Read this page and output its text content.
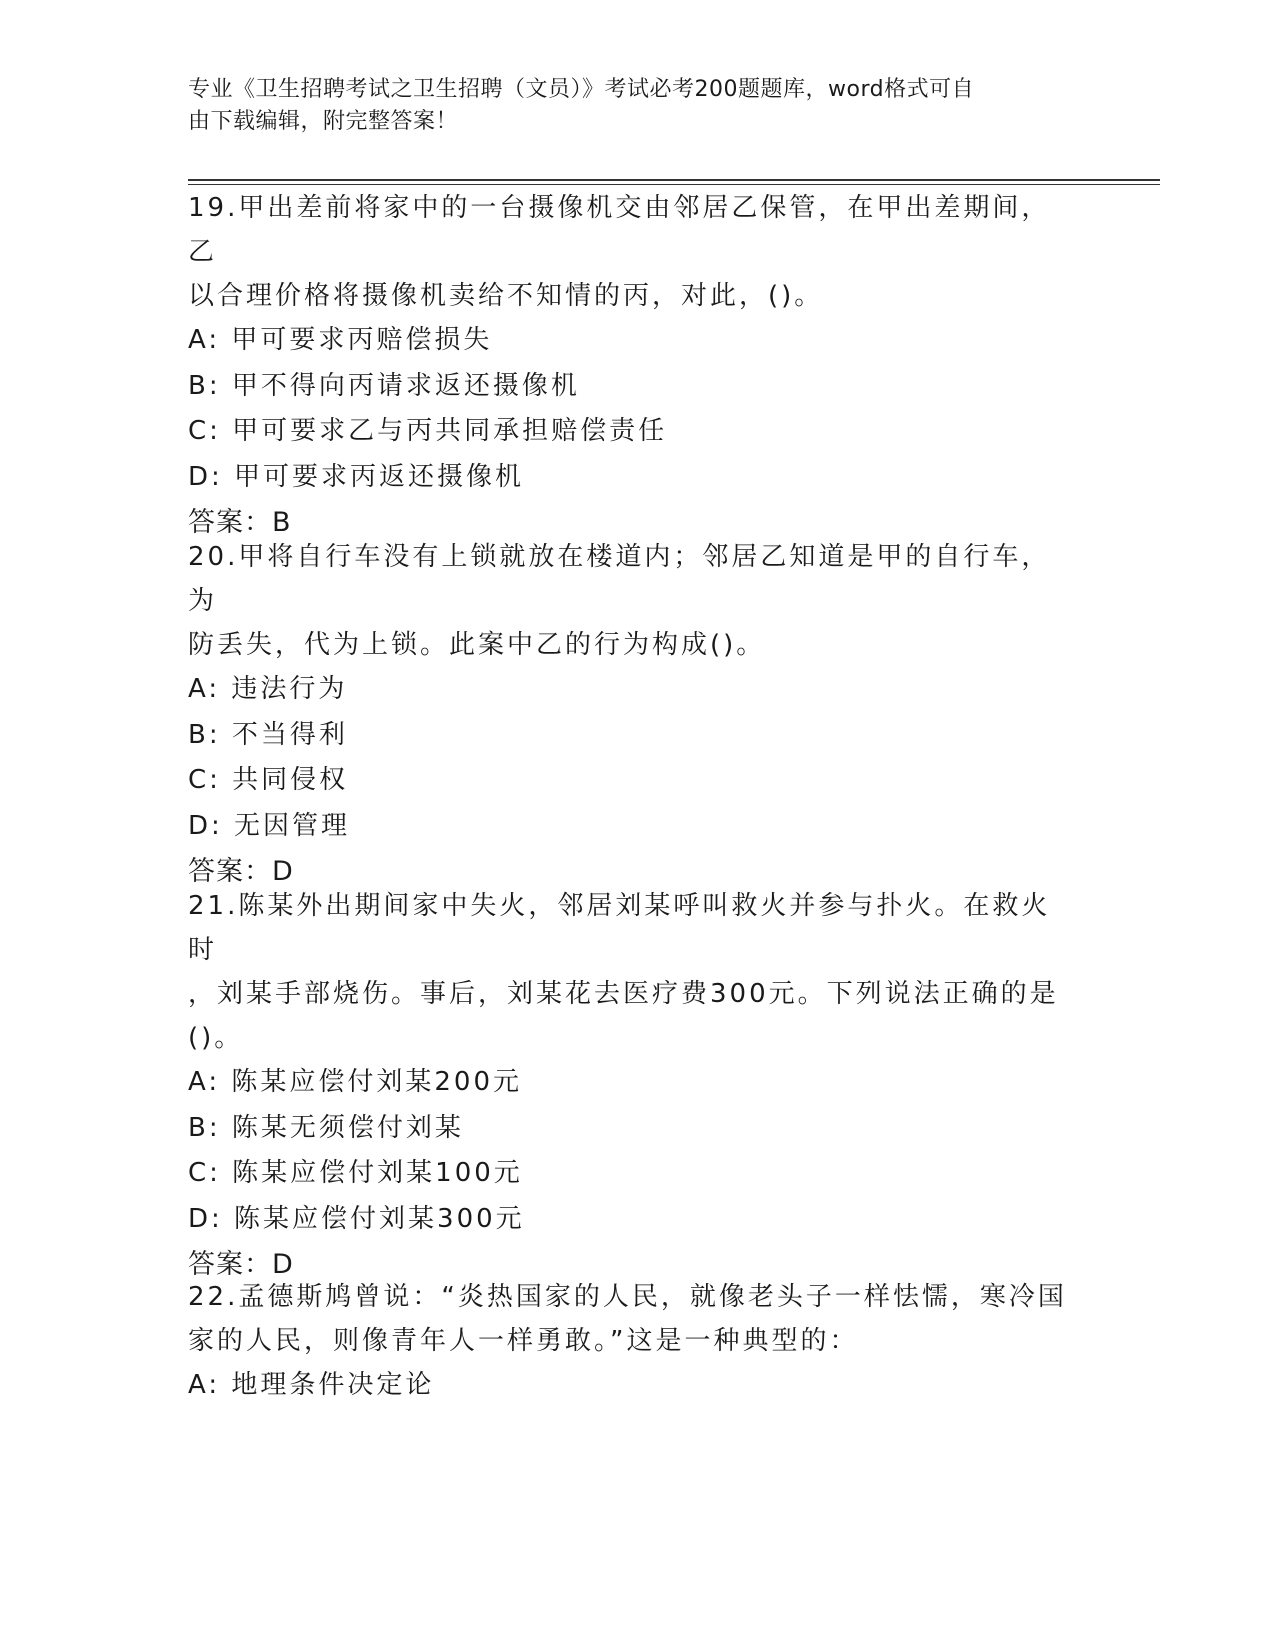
专业《卫生招聘考试之卫生招聘（文员）》考试必考200题题库，word格式可自
由下载编辑，附完整答案！
19.甲出差前将家中的一台摄像机交由邻居乙保管，在甲出差期间，乙
以合理价格将摄像机卖给不知情的丙，对此，()。
A: 甲可要求丙赔偿损失
B: 甲不得向丙请求返还摄像机
C: 甲可要求乙与丙共同承担赔偿责任
D: 甲可要求丙返还摄像机
答案：B
20.甲将自行车没有上锁就放在楼道内；邻居乙知道是甲的自行车，为
防丢失，代为上锁。此案中乙的行为构成()。
A: 违法行为
B: 不当得利
C: 共同侵权
D: 无因管理
答案：D
21.陈某外出期间家中失火，邻居刘某呼叫救火并参与扑火。在救火时
，刘某手部烧伤。事后，刘某花去医疗费300元。下列说法正确的是
()。
A: 陈某应偿付刘某200元
B: 陈某无须偿付刘某
C: 陈某应偿付刘某100元
D: 陈某应偿付刘某300元
答案：D
22.孟德斯鸠曾说：“炎热国家的人民，就像老头子一样怯懦，寒冷国
家的人民，则像青年人一样勇敢。”这是一种典型的：
A: 地理条件决定论
